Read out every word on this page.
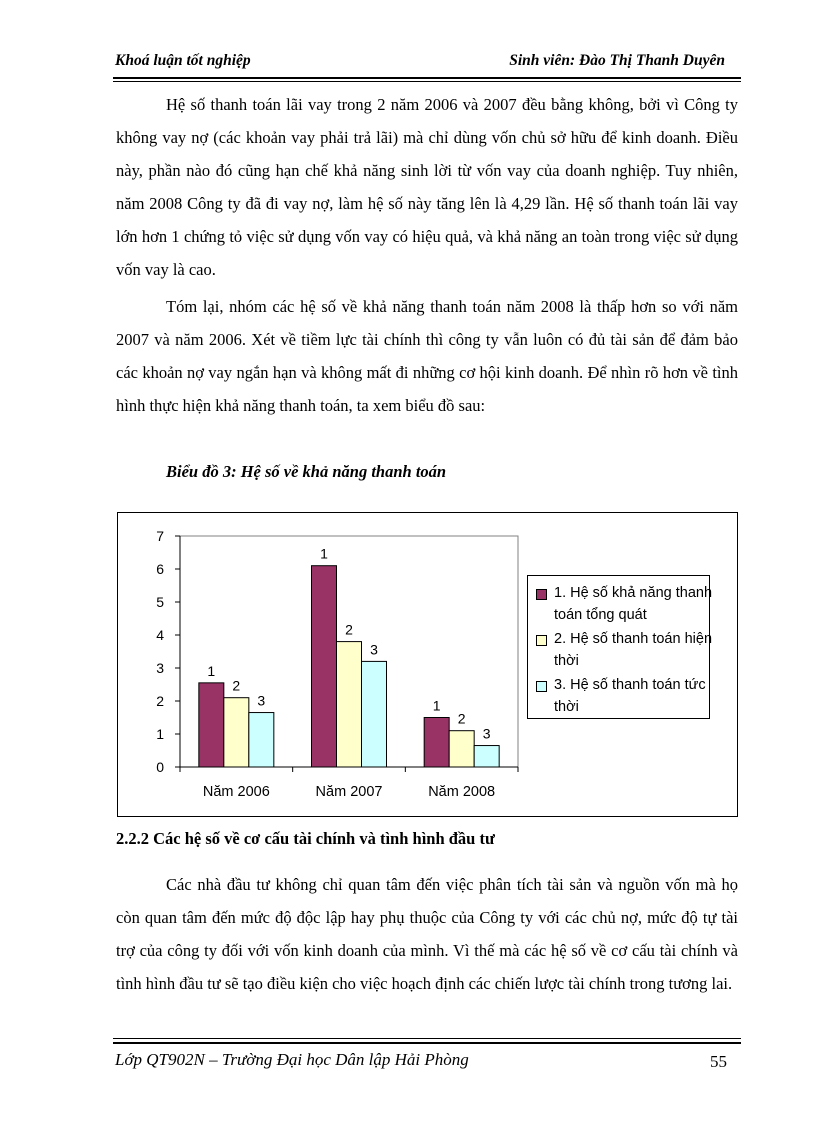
Khoá luận tốt nghiệp	Sinh viên: Đào Thị Thanh Duyên

Hệ số thanh toán lãi vay trong 2 năm 2006 và 2007 đều bằng không, bởi vì Công ty không vay nợ (các khoản vay phải trả lãi) mà chỉ dùng vốn chủ sở hữu để kinh doanh. Điều này, phần nào đó cũng hạn chế khả năng sinh lời từ vốn vay của doanh nghiệp. Tuy nhiên, năm 2008 Công ty đã đi vay nợ, làm hệ số này tăng lên là 4,29 lần. Hệ số thanh toán lãi vay lớn hơn 1 chứng tỏ việc sử dụng vốn vay có hiệu quả, và khả năng an toàn trong việc sử dụng vốn vay là cao.

Tóm lại, nhóm các hệ số về khả năng thanh toán năm 2008 là thấp hơn so với năm 2007 và năm 2006. Xét về tiềm lực tài chính thì công ty vẫn luôn có đủ tài sản để đảm bảo các khoản nợ vay ngắn hạn và không mất đi những cơ hội kinh doanh. Để nhìn rõ hơn về tình hình thực hiện khả năng thanh toán, ta xem biểu đồ sau:

Biểu đồ 3: Hệ số về khả năng thanh toán
0
1
2
3
4
5
6
7
1
2
3
Năm 2006
1
2
3
Năm 2007
1
2
3
Năm 2008
1. Hệ số khả năng thanh toán tổng quát
2. Hệ số thanh toán hiện thời
3. Hệ số thanh toán tức thời
2.2.2 Các hệ số về cơ cấu tài chính và tình hình đầu tư

Các nhà đầu tư không chỉ quan tâm đến việc phân tích tài sản và nguồn vốn mà họ còn quan tâm đến mức độ độc lập hay phụ thuộc của Công ty với các chủ nợ, mức độ tự tài trợ của công ty đối với vốn kinh doanh của mình. Vì thế mà các hệ số về cơ cấu tài chính và tình hình đầu tư sẽ tạo điều kiện cho việc hoạch định các chiến lược tài chính trong tương lai.

Lớp QT902N – Trường Đại học Dân lập Hải Phòng	55
